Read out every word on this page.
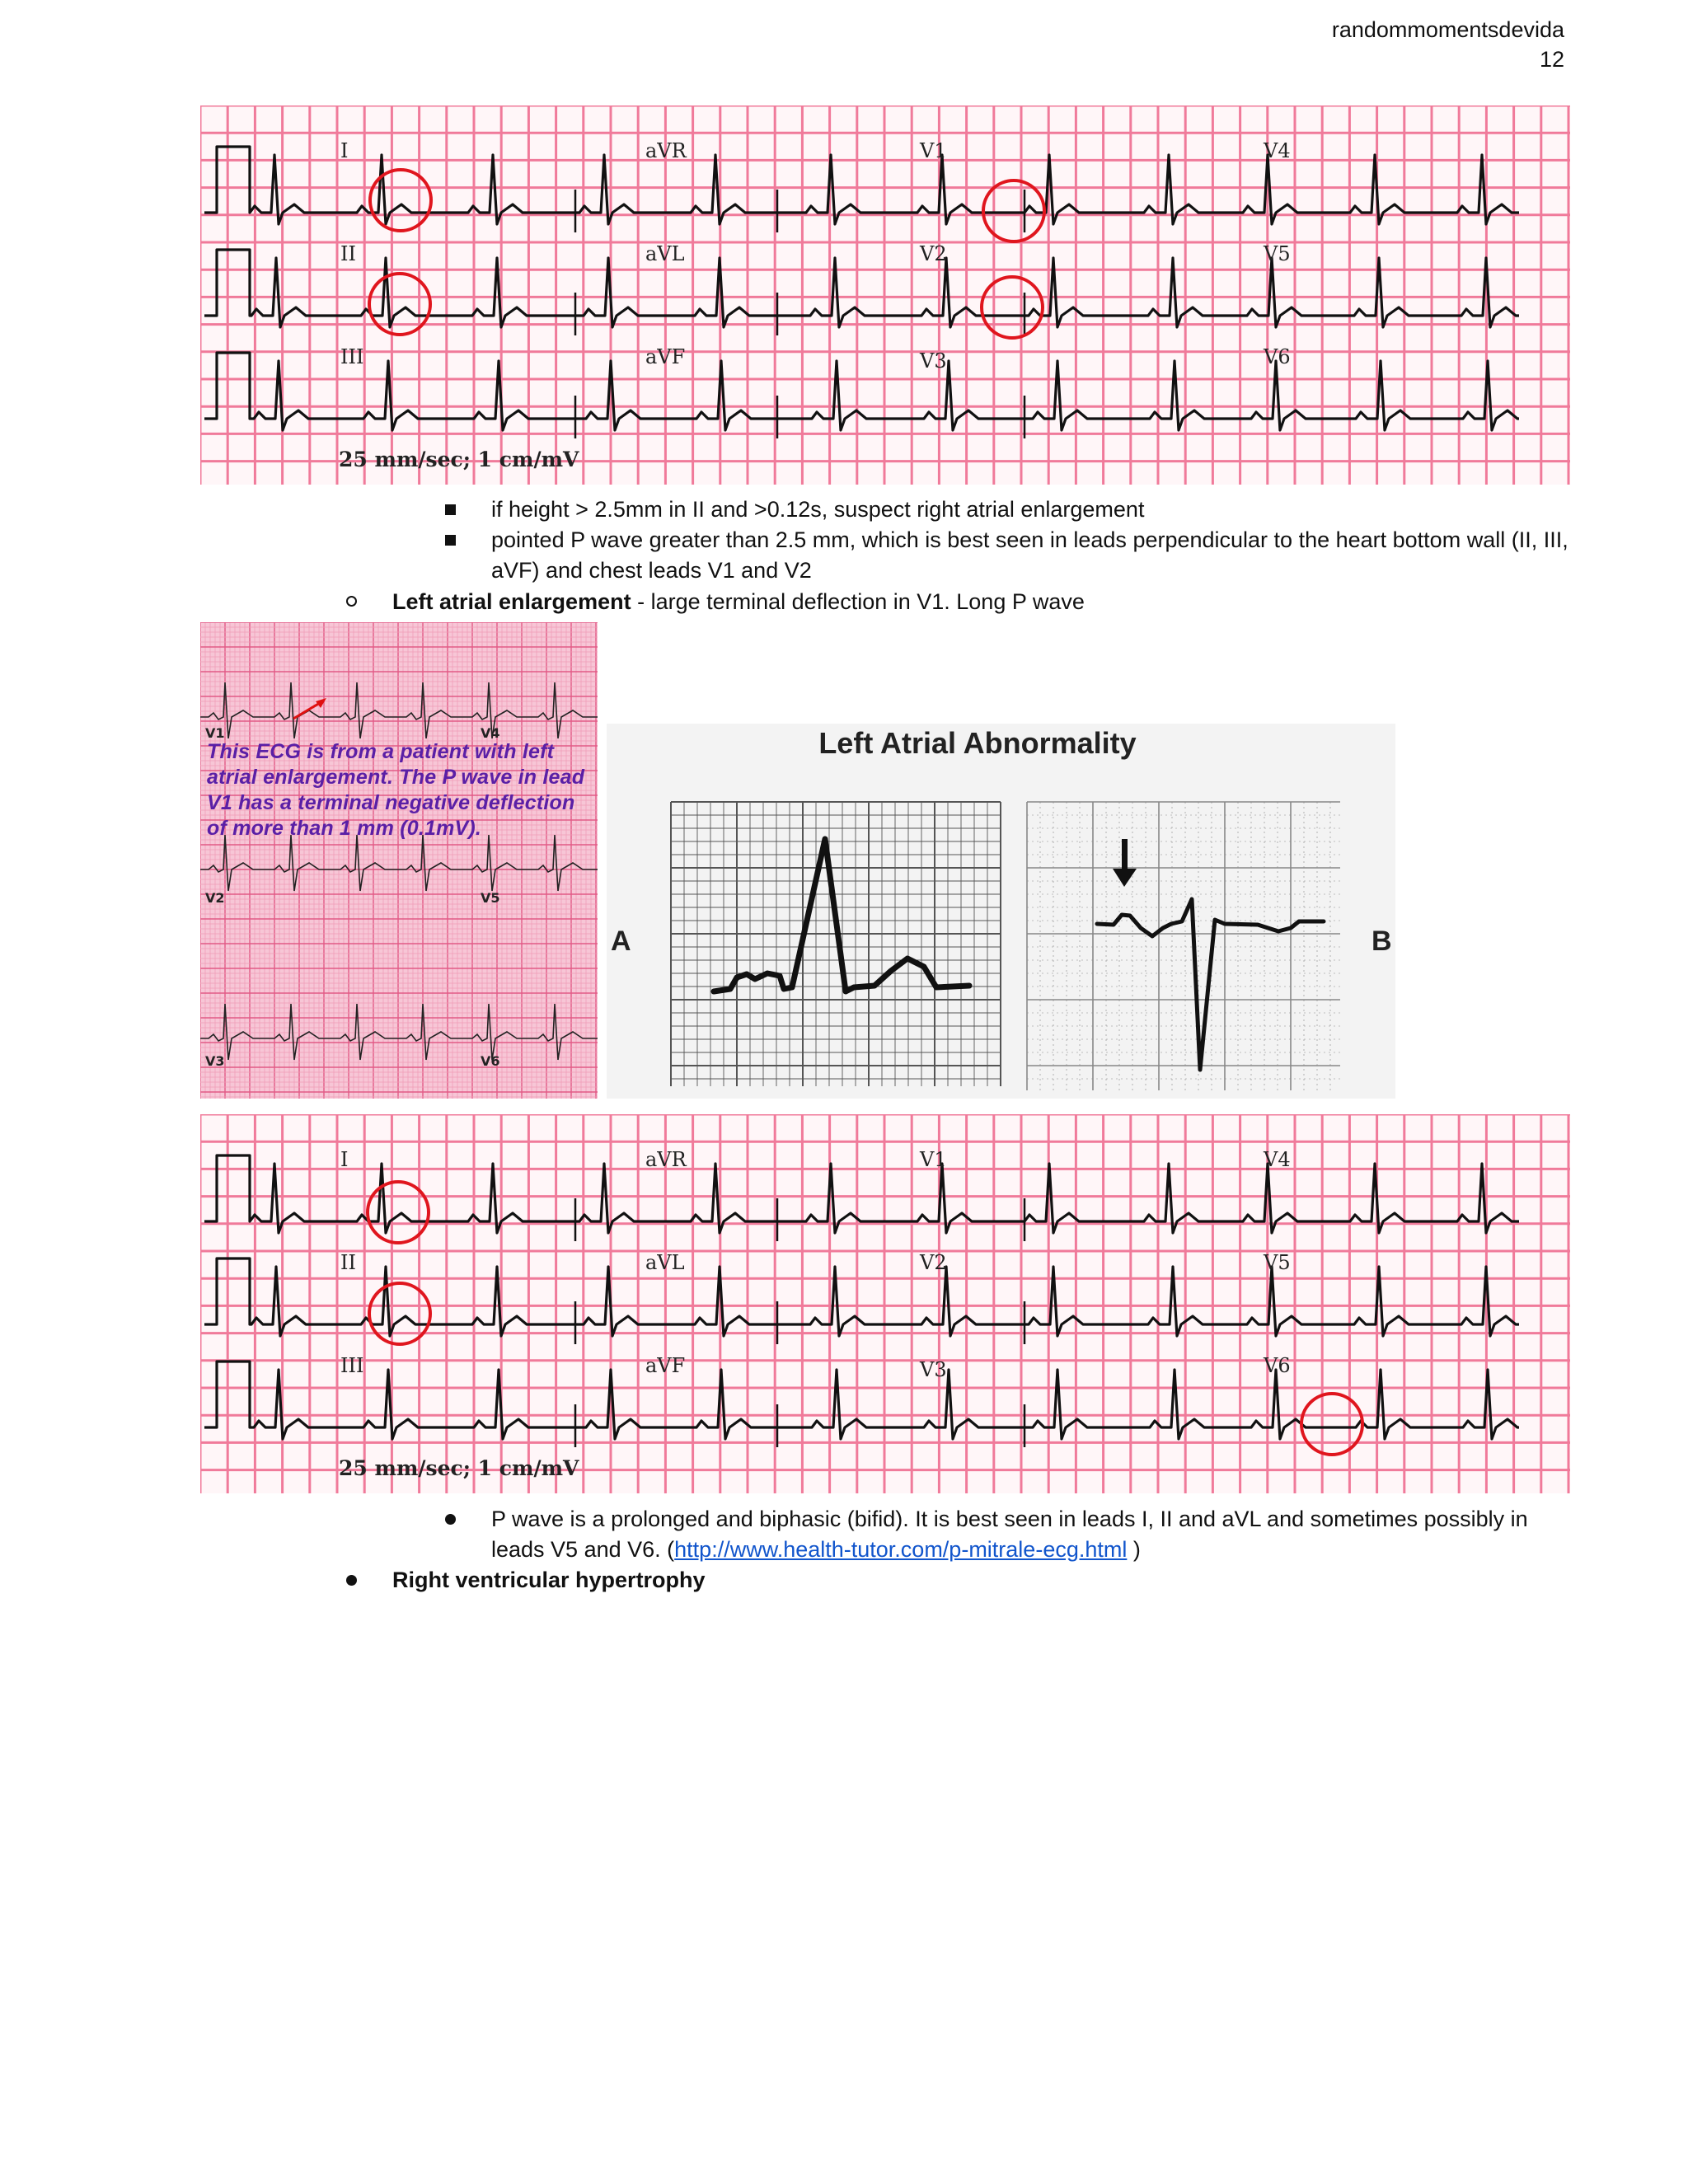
randommomentsdevida
12
I	aVR	V1	V4
II	aVL	V2	V5
III	aVF	V3	V6
25 mm/sec; 1 cm/mV
if height > 2.5mm in II and >0.12s, suspect right atrial enlargement
pointed P wave greater than 2.5 mm, which is best seen in leads perpendicular to the heart bottom wall (II, III, aVF) and chest leads V1 and V2
Left atrial enlargement - large terminal deflection in V1. Long P wave
V1	V4
V2	V5
V3	V6
This ECG is from a patient with left atrial enlargement. The P wave in lead V1 has a terminal negative deflection of more than 1 mm (0.1mV).
Left Atrial Abnormality
A	B
I	aVR	V1	V4
II	aVL	V2	V5
III	aVF	V3	V6
25 mm/sec; 1 cm/mV
P wave is a prolonged and biphasic (bifid). It is best seen in leads I, II and aVL and sometimes possibly in leads V5 and V6. (http://www.health-tutor.com/p-mitrale-ecg.html )
Right ventricular hypertrophy
